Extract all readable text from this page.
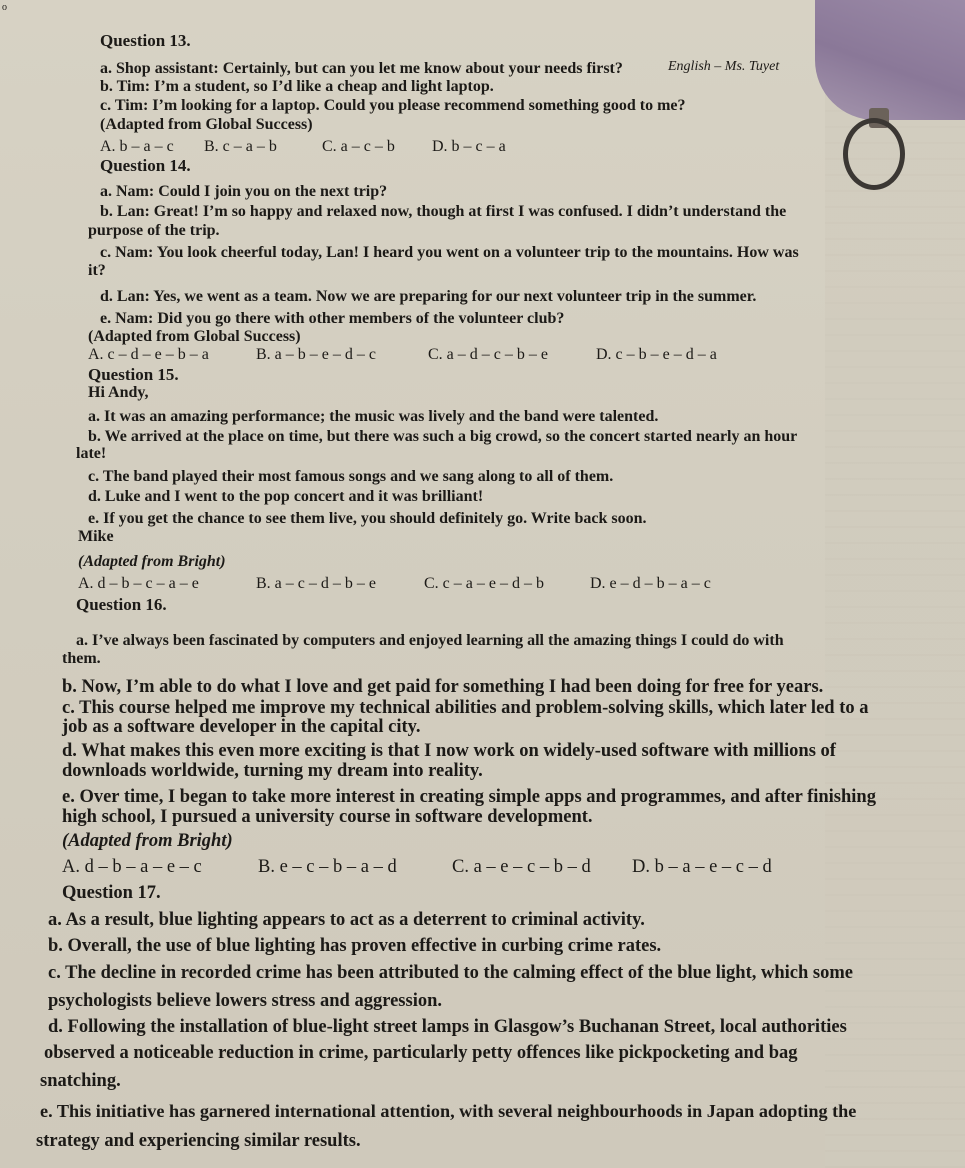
o
Question 13.
English – Ms. Tuyet
a. Shop assistant: Certainly, but can you let me know about your needs first?
b. Tim: I’m a student, so I’d like a cheap and light laptop.
c. Tim: I’m looking for a laptop. Could you please recommend something good to me?
(Adapted from Global Success)
A. b – a – c B. c – a – b	C. a – c – b D. b – c – a
Question 14.
a. Nam: Could I join you on the next trip?
b. Lan: Great! I’m so happy and relaxed now, though at first I was confused. I didn’t understand the
purpose of the trip.
c. Nam: You look cheerful today, Lan! I heard you went on a volunteer trip to the mountains. How was
it?
d. Lan: Yes, we went as a team. Now we are preparing for our next volunteer trip in the summer.
e. Nam: Did you go there with other members of the volunteer club?
(Adapted from Global Success)
A. c – d – e – b – a	B. a – b – e – d – c	C. a – d – c – b – e	D. c – b – e – d – a
Question 15.
Hi Andy,
a. It was an amazing performance; the music was lively and the band were talented.
b. We arrived at the place on time, but there was such a big crowd, so the concert started nearly an hour
late!
c. The band played their most famous songs and we sang along to all of them.
d. Luke and I went to the pop concert and it was brilliant!
e. If you get the chance to see them live, you should definitely go. Write back soon.
Mike
(Adapted from Bright)
A. d – b – c – a – e	B. a – c – d – b – e	C. c – a – e – d – b	D. e – d – b – a – c
Question 16.
a. I’ve always been fascinated by computers and enjoyed learning all the amazing things I could do with
them.
b. Now, I’m able to do what I love and get paid for something I had been doing for free for years.
c. This course helped me improve my technical abilities and problem-solving skills, which later led to a
job as a software developer in the capital city.
d. What makes this even more exciting is that I now work on widely-used software with millions of
downloads worldwide, turning my dream into reality.
e. Over time, I began to take more interest in creating simple apps and programmes, and after finishing
high school, I pursued a university course in software development.
(Adapted from Bright)
A. d – b – a – e – c	B. e – c – b – a – d	C. a – e – c – b – d D. b – a – e – c – d
Question 17.
a. As a result, blue lighting appears to act as a deterrent to criminal activity.
b. Overall, the use of blue lighting has proven effective in curbing crime rates.
c. The decline in recorded crime has been attributed to the calming effect of the blue light, which some
psychologists believe lowers stress and aggression.
d. Following the installation of blue-light street lamps in Glasgow’s Buchanan Street, local authorities
observed a noticeable reduction in crime, particularly petty offences like pickpocketing and bag
snatching.
e. This initiative has garnered international attention, with several neighbourhoods in Japan adopting the
strategy and experiencing similar results.
